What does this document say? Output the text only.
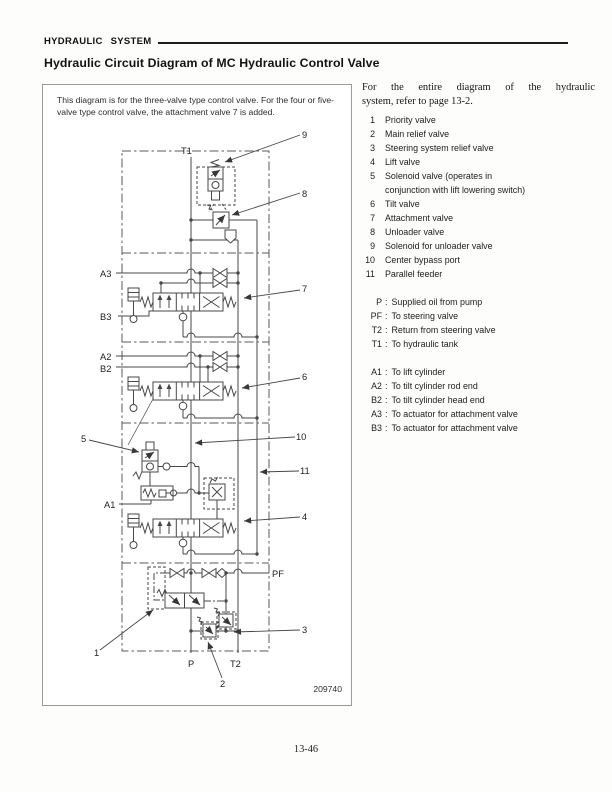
HYDRAULIC SYSTEM
Hydraulic Circuit Diagram of MC Hydraulic Control Valve
This diagram is for the three-valve type control valve. For the four or five-valve type control valve, the attachment valve 7 is added.
T1
A3
B3
A2
B2
A1
PF
P	T2
1
2
3
4
5
6
7
8
9
10
11
209740
For the entire diagram of the hydraulic
system, refer to page 13-2.
1 Priority valve
2 Main relief valve
3 Steering system relief valve
4 Lift valve
5 Solenoid valve (operates in
conjunction with lift lowering switch)
6 Tilt valve
7 Attachment valve
8 Unloader valve
9 Solenoid for unloader valve
10 Center bypass port
11 Parallel feeder
P : Supplied oil from pump
PF : To steering valve
T2 : Return from steering valve
T1 : To hydraulic tank
A1 : To lift cylinder
A2 : To tilt cylinder rod end
B2 : To tilt cylinder head end
A3 : To actuator for attachment valve
B3 : To actuator for attachment valve
13-46
